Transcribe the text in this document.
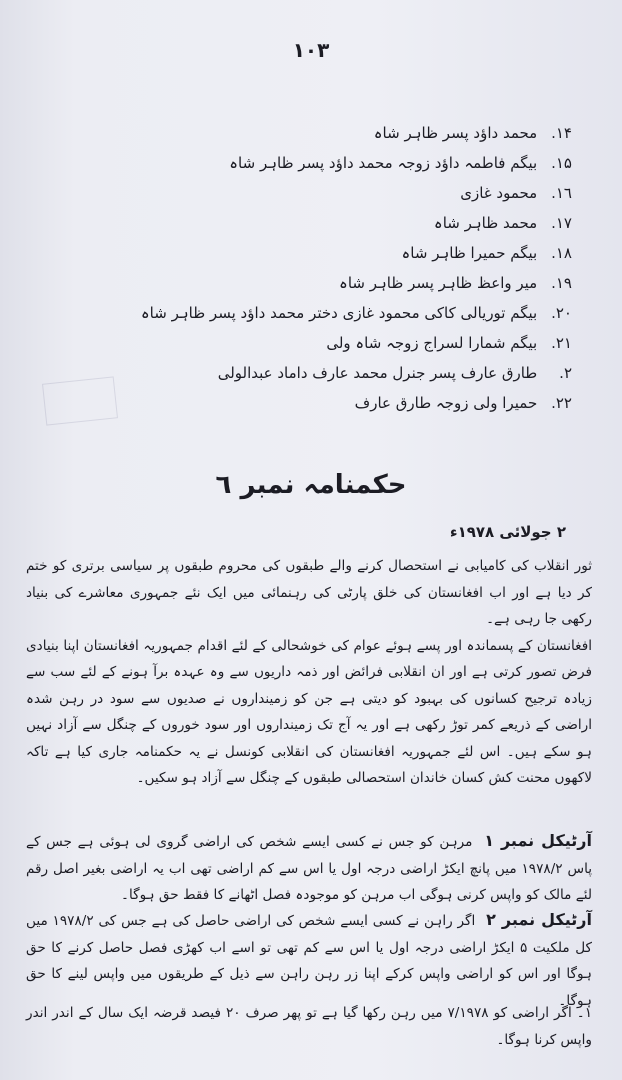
١٠٣
١۴. محمد داؤد پسر ظاہر شاہ
١۵. بیگم فاطمہ داؤد زوجہ محمد داؤد پسر ظاہر شاہ
١٦. محمود غازی
١٧. محمد ظاہر شاہ
١٨. بیگم حمیرا ظاہر شاہ
١٩. میر واعظ ظاہر پسر ظاہر شاہ
٢٠. بیگم توریالی کاکی محمود غازی دختر محمد داؤد پسر ظاہر شاہ
٢١. بیگم شمارا لسراج زوجہ شاہ ولی
٢. طارق عارف پسر جنرل محمد عارف داماد عبدالولی
٢٢. حمیرا ولی زوجہ طارق عارف
حکمنامہ نمبر ٦
٢ جولائی ١٩٧٨ء

ثور انقلاب کی کامیابی نے استحصال کرنے والے طبقوں کی محروم طبقوں پر سیاسی برتری کو ختم کر دیا ہے اور اب افغانستان کی خلق پارٹی کی رہنمائی میں ایک نئے جمہوری معاشرے کی بنیاد رکھی جا رہی ہے۔

افغانستان کے پسماندہ اور پسے ہوئے عوام کی خوشحالی کے لئے اقدام جمہوریہ افغانستان اپنا بنیادی فرض تصور کرتی ہے اور ان انقلابی فرائض اور ذمہ داریوں سے وہ عہدہ برآ ہونے کے لئے سب سے زیادہ ترجیح کسانوں کی بہبود کو دیتی ہے جن کو زمینداروں نے صدیوں سے سود در رہن شدہ اراضی کے ذریعے کمر توڑ رکھی ہے اور یہ آج تک زمینداروں اور سود خوروں کے چنگل سے آزاد نہیں ہو سکے ہیں۔ اس لئے جمہوریہ افغانستان کی انقلابی کونسل نے یہ حکمنامہ جاری کیا ہے تاکہ لاکھوں محنت کش کسان خاندان استحصالی طبقوں کے چنگل سے آزاد ہو سکیں۔

آرٹیکل نمبر ١ مرہن کو جس نے کسی ایسے شخص کی اراضی گروی لی ہوئی ہے جس کے پاس ١٩٧٨/٢ میں پانچ ایکڑ اراضی درجہ اول یا اس سے کم اراضی تھی اب یہ اراضی بغیر اصل رقم لئے مالک کو واپس کرنی ہوگی اب مرہن کو موجودہ فصل اٹھانے کا فقط حق ہوگا۔
آرٹیکل نمبر ٢ اگر راہن نے کسی ایسے شخص کی اراضی حاصل کی ہے جس کی ١٩٧٨/٢ میں کل ملکیت ۵ ایکڑ اراضی درجہ اول یا اس سے کم تھی تو اسے اب کھڑی فصل حاصل کرنے کا حق ہوگا اور اس کو اراضی واپس کرکے اپنا زر رہن راہن سے ذیل کے طریقوں میں واپس لینے کا حق ہوگا۔
١۔ اگر اراضی کو ٧/١٩٧٨ میں رہن رکھا گیا ہے تو پھر صرف ٢٠ فیصد قرضہ ایک سال کے اندر اندر واپس کرنا ہوگا۔
